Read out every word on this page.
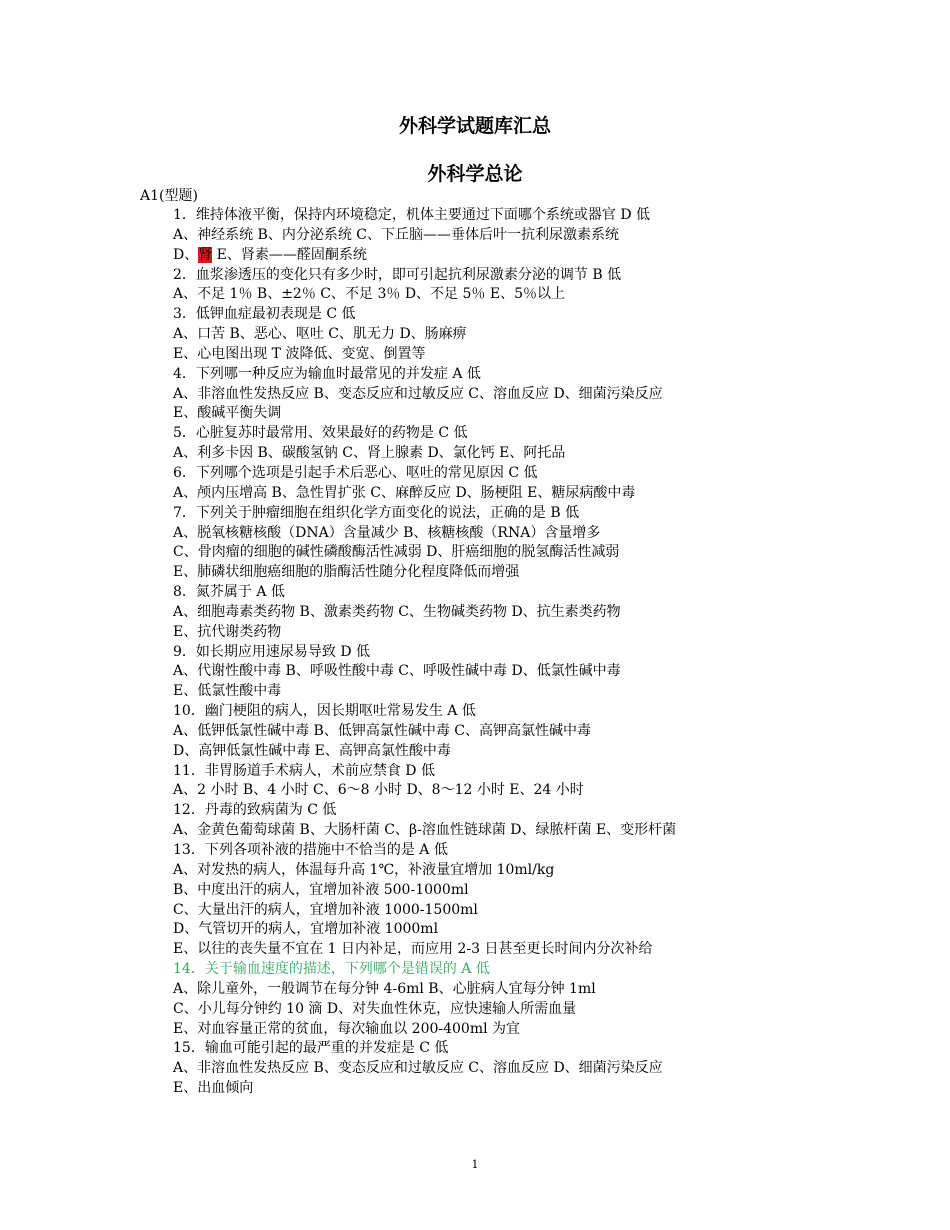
外科学试题库汇总
外科学总论
A1(型题)
1．维持体液平衡，保持内环境稳定，机体主要通过下面哪个系统或器官 D 低
A、神经系统 B、内分泌系统 C、下丘脑——垂体后叶一抗利尿激素系统
D、肾 E、肾素——醛固酮系统
2．血浆渗透压的变化只有多少时，即可引起抗利尿激素分泌的调节 B 低
A、不足 1％ B、±2％ C、不足 3％ D、不足 5％ E、5％以上
3．低钾血症最初表现是 C 低
A、口苦 B、恶心、呕吐 C、肌无力 D、肠麻痹
E、心电图出现 T 波降低、变宽、倒置等
4．下列哪一种反应为输血时最常见的并发症 A 低
A、非溶血性发热反应 B、变态反应和过敏反应 C、溶血反应 D、细菌污染反应
E、酸碱平衡失调
5．心脏复苏时最常用、效果最好的药物是 C 低
A、利多卡因 B、碳酸氢钠 C、肾上腺素 D、氯化钙 E、阿托品
6．下列哪个选项是引起手术后恶心、呕吐的常见原因 C 低
A、颅内压增高 B、急性胃扩张 C、麻醉反应 D、肠梗阻 E、糖尿病酸中毒
7．下列关于肿瘤细胞在组织化学方面变化的说法，正确的是 B 低
A、脱氧核糖核酸（DNA）含量减少 B、核糖核酸（RNA）含量增多
C、骨肉瘤的细胞的碱性磷酸酶活性减弱 D、肝癌细胞的脱氢酶活性减弱
E、肺磷状细胞癌细胞的脂酶活性随分化程度降低而增强
8．氮芥属于 A 低
A、细胞毒素类药物 B、激素类药物 C、生物碱类药物 D、抗生素类药物
E、抗代谢类药物
9．如长期应用速尿易导致 D 低
A、代谢性酸中毒 B、呼吸性酸中毒 C、呼吸性碱中毒 D、低氯性碱中毒
E、低氯性酸中毒
10．幽门梗阻的病人，因长期呕吐常易发生 A 低
A、低钾低氯性碱中毒 B、低钾高氯性碱中毒 C、高钾高氯性碱中毒
D、高钾低氯性碱中毒 E、高钾高氯性酸中毒
11．非胃肠道手术病人，术前应禁食 D 低
A、2 小时 B、4 小时 C、6～8 小时 D、8～12 小时 E、24 小时
12．丹毒的致病菌为 C 低
A、金黄色葡萄球菌 B、大肠杆菌 C、β-溶血性链球菌 D、绿脓杆菌 E、变形杆菌
13．下列各项补液的措施中不恰当的是 A 低
A、对发热的病人，体温每升高 1℃，补液量宜增加 10ml/kg
B、中度出汗的病人，宜增加补液 500-1000ml
C、大量出汗的病人，宜增加补液 1000-1500ml
D、气管切开的病人，宜增加补液 1000ml
E、以往的丧失量不宜在 1 日内补足，而应用 2-3 日甚至更长时间内分次补给
14．关于输血速度的描述，下列哪个是错误的 A 低
A、除儿童外，一般调节在每分钟 4-6ml B、心脏病人宜每分钟 1ml
C、小儿每分钟约 10 滴 D、对失血性休克，应快速输人所需血量
E、对血容量正常的贫血，每次输血以 200-400ml 为宜
15．输血可能引起的最严重的并发症是 C 低
A、非溶血性发热反应 B、变态反应和过敏反应 C、溶血反应 D、细菌污染反应
E、出血倾向
1
